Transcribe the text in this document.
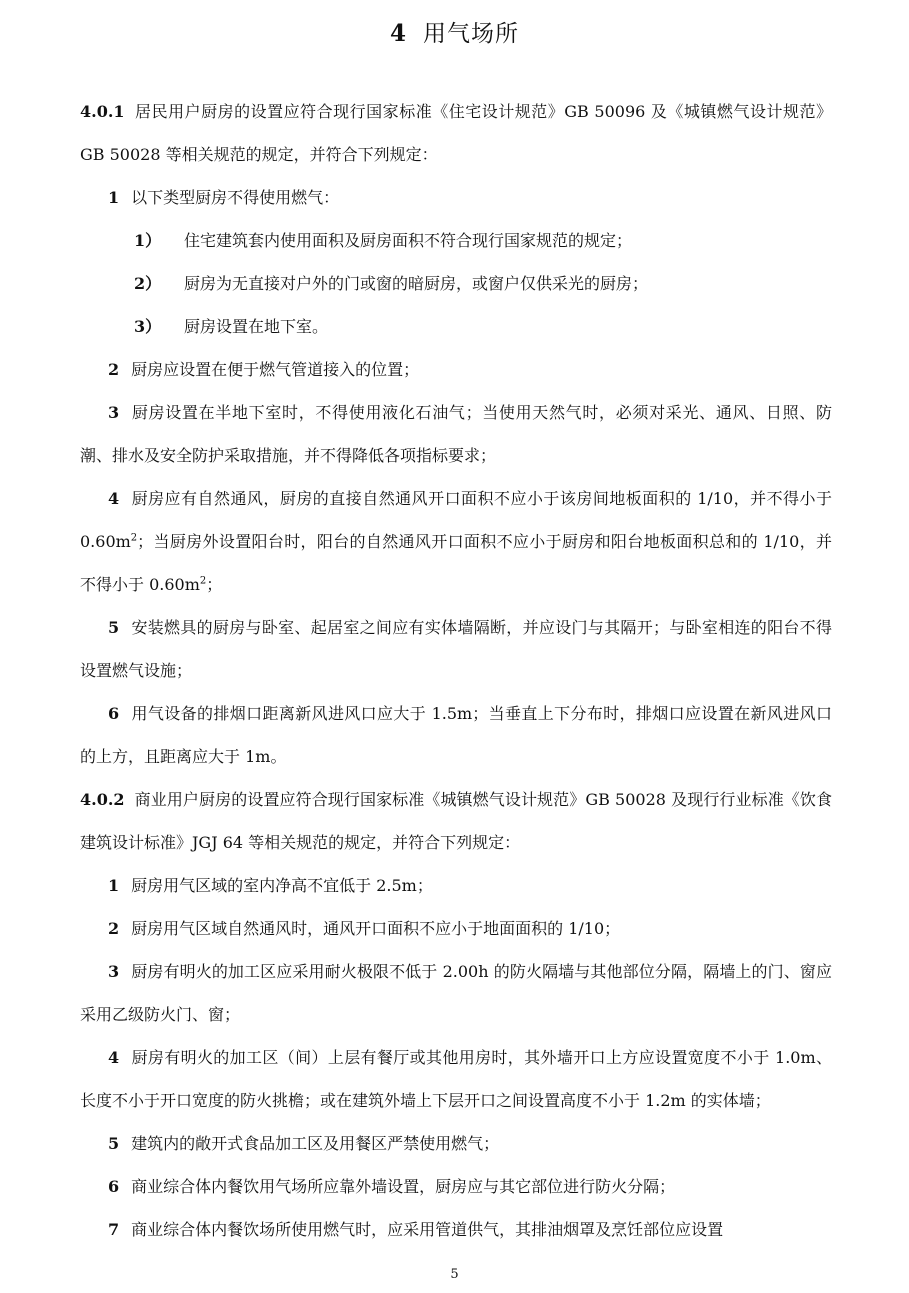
4 用气场所

4.0.1 居民用户厨房的设置应符合现行国家标准《住宅设计规范》GB 50096 及《城镇燃气设计规范》GB 50028 等相关规范的规定，并符合下列规定：

1 以下类型厨房不得使用燃气：

1） 住宅建筑套内使用面积及厨房面积不符合现行国家规范的规定；

2） 厨房为无直接对户外的门或窗的暗厨房，或窗户仅供采光的厨房；

3） 厨房设置在地下室。

2 厨房应设置在便于燃气管道接入的位置；

3 厨房设置在半地下室时，不得使用液化石油气；当使用天然气时，必须对采光、通风、日照、防潮、排水及安全防护采取措施，并不得降低各项指标要求；

4 厨房应有自然通风，厨房的直接自然通风开口面积不应小于该房间地板面积的 1/10，并不得小于 $0.60m^2$；当厨房外设置阳台时，阳台的自然通风开口面积不应小于厨房和阳台地板面积总和的 1/10，并不得小于 $0.60m^2$；

5 安装燃具的厨房与卧室、起居室之间应有实体墙隔断，并应设门与其隔开；与卧室相连的阳台不得设置燃气设施；

6 用气设备的排烟口距离新风进风口应大于 1.5m；当垂直上下分布时，排烟口应设置在新风进风口的上方，且距离应大于 1m。

4.0.2 商业用户厨房的设置应符合现行国家标准《城镇燃气设计规范》GB 50028 及现行行业标准《饮食建筑设计标准》JGJ 64 等相关规范的规定，并符合下列规定：

1 厨房用气区域的室内净高不宜低于 2.5m；

2 厨房用气区域自然通风时，通风开口面积不应小于地面面积的 1/10；

3 厨房有明火的加工区应采用耐火极限不低于 2.00h 的防火隔墙与其他部位分隔，隔墙上的门、窗应采用乙级防火门、窗；

4 厨房有明火的加工区（间）上层有餐厅或其他用房时，其外墙开口上方应设置宽度不小于 1.0m、长度不小于开口宽度的防火挑檐；或在建筑外墙上下层开口之间设置高度不小于 1.2m 的实体墙；

5 建筑内的敞开式食品加工区及用餐区严禁使用燃气；

6 商业综合体内餐饮用气场所应靠外墙设置，厨房应与其它部位进行防火分隔；

7 商业综合体内餐饮场所使用燃气时，应采用管道供气，其排油烟罩及烹饪部位应设置

5
